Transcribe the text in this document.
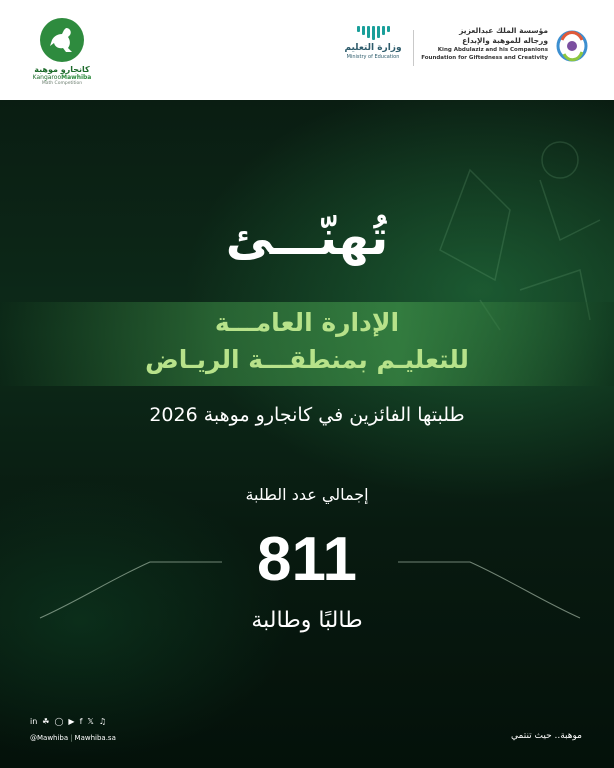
كانجارو موهبة
KangarooMawhiba
Math Competition
وزارة التعليم
Ministry of Education
مؤسسة الملك عبدالعزيز
ورجاله للموهبة والإبداع
King Abdulaziz and his Companions
Foundation for Giftedness and Creativity
تُهنّـــئ
الإدارة العامـــة
للتعليـم بمنطقـــة الريـاض
طلبتها الفائزين في كانجارو موهبة 2026
إجمالي عدد الطلبة
811
طالبًا وطالبة
in ☘ ◯ ▶ f 𝕏 ♫
@Mawhiba | Mawhiba.sa	موهبة.. حيث تنتمي
